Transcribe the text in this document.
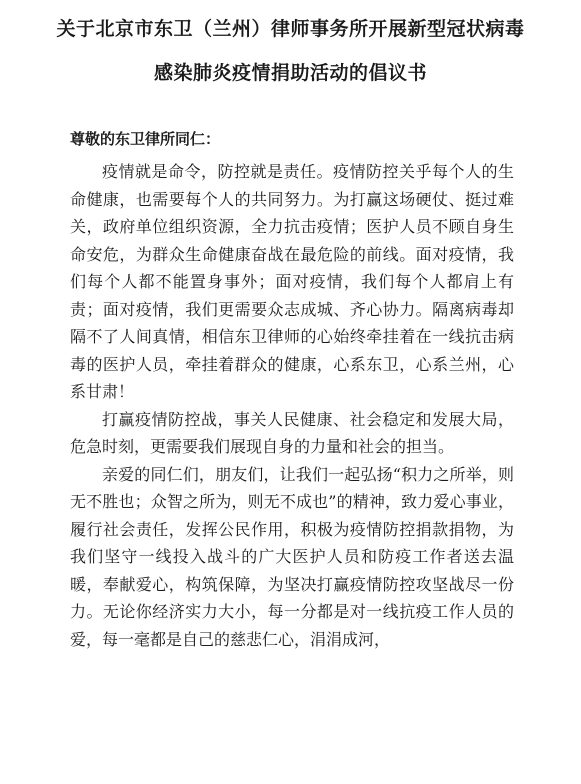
关于北京市东卫（兰州）律师事务所开展新型冠状病毒
感染肺炎疫情捐助活动的倡议书
尊敬的东卫律所同仁：

疫情就是命令，防控就是责任。疫情防控关乎每个人的生命健康，也需要每个人的共同努力。为打赢这场硬仗、挺过难关，政府单位组织资源，全力抗击疫情；医护人员不顾自身生命安危，为群众生命健康奋战在最危险的前线。面对疫情，我们每个人都不能置身事外；面对疫情，我们每个人都肩上有责；面对疫情，我们更需要众志成城、齐心协力。隔离病毒却隔不了人间真情，相信东卫律师的心始终牵挂着在一线抗击病毒的医护人员，牵挂着群众的健康，心系东卫，心系兰州，心系甘肃！

打赢疫情防控战，事关人民健康、社会稳定和发展大局，危急时刻，更需要我们展现自身的力量和社会的担当。

亲爱的同仁们，朋友们，让我们一起弘扬“积力之所举，则无不胜也；众智之所为，则无不成也”的精神，致力爱心事业，履行社会责任，发挥公民作用，积极为疫情防控捐款捐物，为我们坚守一线投入战斗的广大医护人员和防疫工作者送去温暖，奉献爱心，构筑保障，为坚决打赢疫情防控攻坚战尽一份力。无论你经济实力大小，每一分都是对一线抗疫工作人员的爱，每一毫都是自己的慈悲仁心，涓涓成河，
